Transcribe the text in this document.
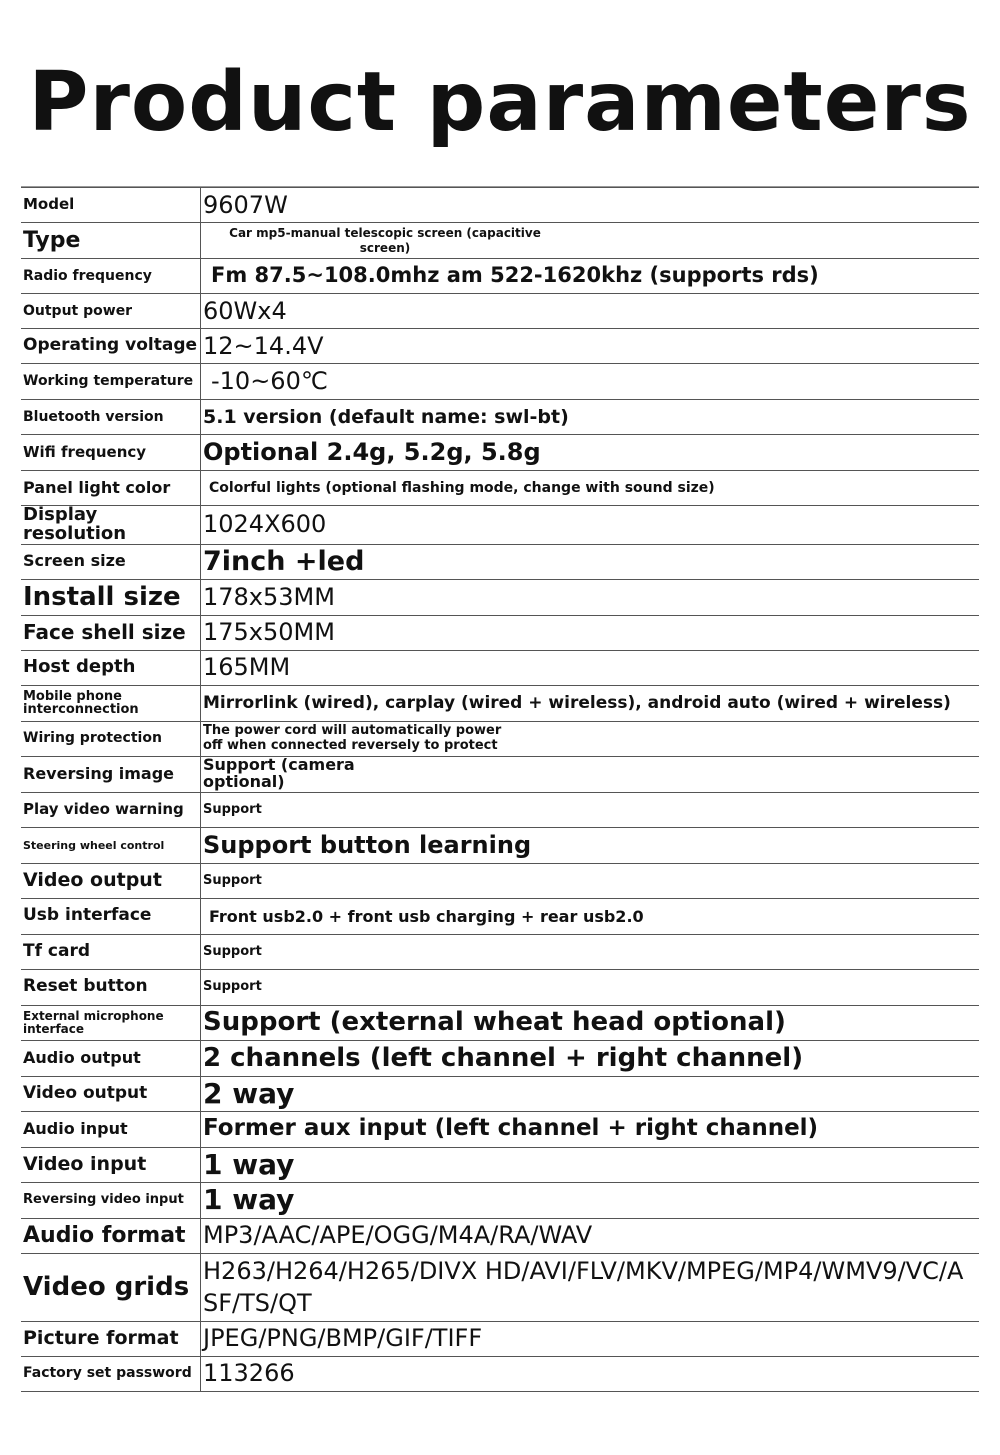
Product parameters
Model	9607W
Type	Car mp5-manual telescopic screen (capacitive screen)
Radio frequency	Fm 87.5~108.0mhz am 522-1620khz (supports rds)
Output power	60Wx4
Operating voltage	12~14.4V
Working temperature	-10~60℃
Bluetooth version	5.1 version (default name: swl-bt)
Wifi frequency	Optional 2.4g, 5.2g, 5.8g
Panel light color	Colorful lights (optional flashing mode, change with sound size)
Display resolution	1024X600
Screen size	7inch +led
Install size	178x53MM
Face shell size	175x50MM
Host depth	165MM
Mobile phone interconnection	Mirrorlink (wired), carplay (wired + wireless), android auto (wired + wireless)
Wiring protection	The power cord will automatically power off when connected reversely to protect
Reversing image	Support (camera optional)
Play video warning	Support
Steering wheel control	Support button learning
Video output	Support
Usb interface	Front usb2.0 + front usb charging + rear usb2.0
Tf card	Support
Reset button	Support
External microphone interface	Support (external wheat head optional)
Audio output	2 channels (left channel + right channel)
Video output	2 way
Audio input	Former aux input (left channel + right channel)
Video input	1 way
Reversing video input	1 way
Audio format	MP3/AAC/APE/OGG/M4A/RA/WAV
Video grids	H263/H264/H265/DIVX HD/AVI/FLV/MKV/MPEG/MP4/WMV9/VC/ASF/TS/QT
Picture format	JPEG/PNG/BMP/GIF/TIFF
Factory set password	113266
